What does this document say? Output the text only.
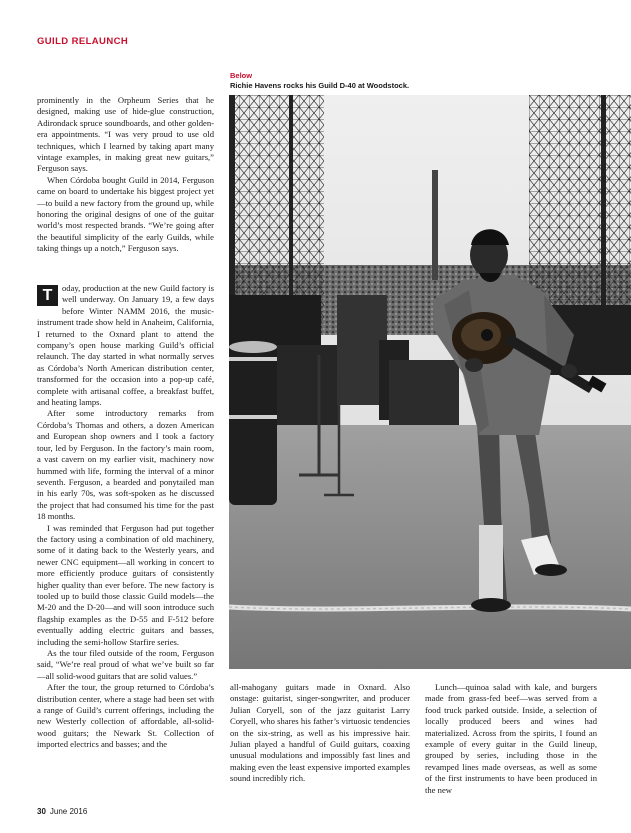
GUILD RELAUNCH

prominently in the Orpheum Series that he designed, making use of hide-glue construction, Adirondack spruce soundboards, and other golden-era appointments. “I was very proud to use old techniques, which I learned by taking apart many vintage examples, in making great new guitars,” Ferguson says.

When Córdoba bought Guild in 2014, Ferguson came on board to undertake his biggest project yet—to build a new factory from the ground up, while honoring the original designs of one of the guitar world’s most respected brands. “We’re going after the beautiful simplicity of the early Guilds, while taking things up a notch,” Ferguson says.

T	oday, production at the new Guild factory is well underway. On January 19, a few days before Winter NAMM 2016, the music-instrument trade show held in Anaheim, California, I returned to the Oxnard plant to attend the company’s open house marking Guild’s official relaunch. The day started in what normally serves as Córdoba’s North American distribution center, transformed for the occasion into a pop-up café, complete with artisanal coffee, a breakfast buffet, and heating lamps.

After some introductory remarks from Córdoba’s Thomas and others, a dozen American and European shop owners and I took a factory tour, led by Ferguson. In the factory’s main room, a vast cavern on my earlier visit, machinery now hummed with life, forming the interval of a minor seventh. Ferguson, a bearded and ponytailed man in his early 70s, was soft-spoken as he discussed the project that had consumed his time for the past 18 months.

I was reminded that Ferguson had put together the factory using a combination of old machinery, some of it dating back to the Westerly years, and newer CNC equipment—all working in concert to more efficiently produce guitars of consistently higher quality than ever before. The new factory is tooled up to build those classic Guild models—the M-20 and the D-20—and will soon introduce such flagship examples as the D-55 and F-512 before eventually adding electric guitars and basses, including the semi-hollow Starfire series.

As the tour filed outside of the room, Ferguson said, “We’re real proud of what we’ve built so far—all solid-wood guitars that are solid values.”

After the tour, the group returned to Córdoba’s distribution center, where a stage had been set with a range of Guild’s current offerings, including the new Westerly collection of affordable, all-solid-wood guitars; the Newark St. Collection of imported electrics and basses; and the

Below
Richie Havens rocks his Guild D-40 at Woodstock.

all-mahogany guitars made in Oxnard. Also onstage: guitarist, singer-songwriter, and producer Julian Coryell, son of the jazz guitarist Larry Coryell, who shares his father’s virtuosic tendencies on the six-string, as well as his impressive hair. Julian played a handful of Guild guitars, coaxing unusual modulations and impossibly fast lines and making even the least expensive imported examples sound incredibly rich.

Lunch—quinoa salad with kale, and burgers made from grass-fed beef—was served from a food truck parked outside. Inside, a selection of locally produced beers and wines had materialized. Across from the spirits, I found an example of every guitar in the Guild lineup, grouped by series, including those in the revamped lines made overseas, as well as some of the first instruments to have been produced in the new

30 June 2016
